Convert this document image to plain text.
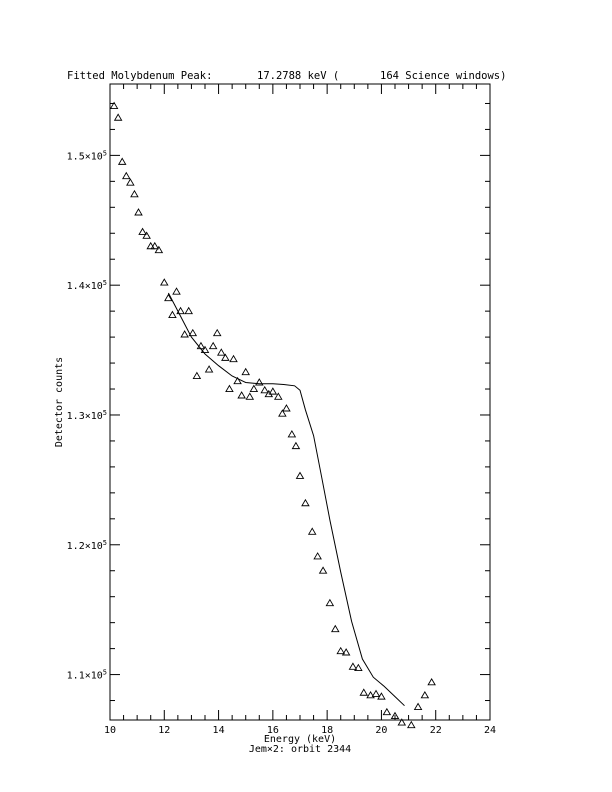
Fitted Molybdenum Peak:	17.2788 keV (	164 Science windows)
10	12	14	16	18	20	22	24
$1.1\times 10^5$
$1.2\times 10^5$
$1.3\times 10^5$
$1.4\times 10^5$
$1.5\times 10^5$
Energy (keV)
Jem×2: orbit 2344
Detector counts
